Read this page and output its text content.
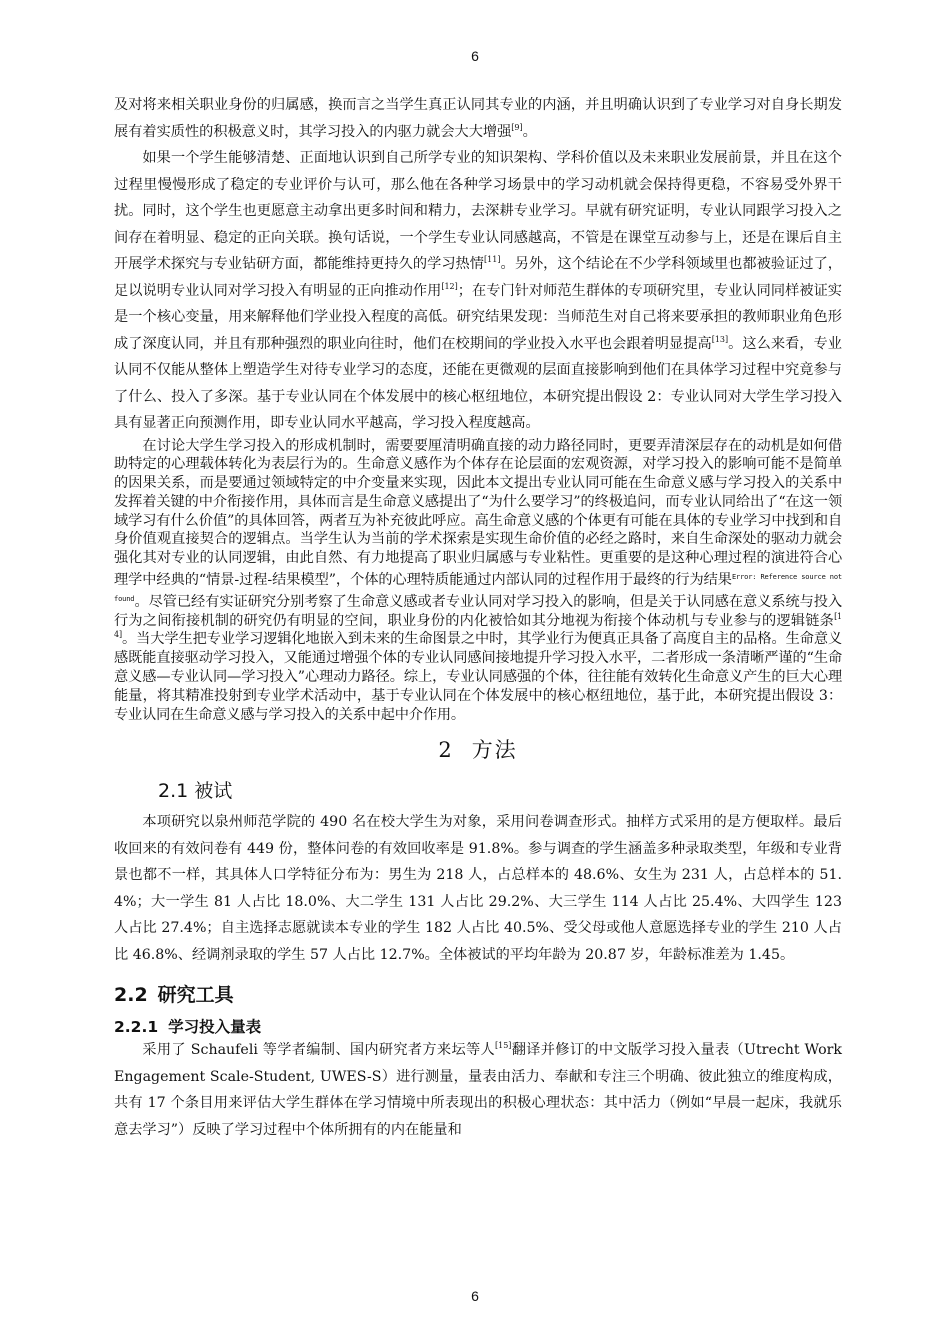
6

及对将来相关职业身份的归属感，换而言之当学生真正认同其专业的内涵，并且明确认识到了专业学习对自身长期发展有着实质性的积极意义时，其学习投入的内驱力就会大大增强[9]。

如果一个学生能够清楚、正面地认识到自己所学专业的知识架构、学科价值以及未来职业发展前景，并且在这个过程里慢慢形成了稳定的专业评价与认可，那么他在各种学习场景中的学习动机就会保持得更稳，不容易受外界干扰。同时，这个学生也更愿意主动拿出更多时间和精力，去深耕专业学习。早就有研究证明，专业认同跟学习投入之间存在着明显、稳定的正向关联。换句话说，一个学生专业认同感越高，不管是在课堂互动参与上，还是在课后自主开展学术探究与专业钻研方面，都能维持更持久的学习热情[11]。另外，这个结论在不少学科领域里也都被验证过了，足以说明专业认同对学习投入有明显的正向推动作用[12]；在专门针对师范生群体的专项研究里，专业认同同样被证实是一个核心变量，用来解释他们学业投入程度的高低。研究结果发现：当师范生对自己将来要承担的教师职业角色形成了深度认同，并且有那种强烈的职业向往时，他们在校期间的学业投入水平也会跟着明显提高[13]。这么来看，专业认同不仅能从整体上塑造学生对待专业学习的态度，还能在更微观的层面直接影响到他们在具体学习过程中究竟参与了什么、投入了多深。基于专业认同在个体发展中的核心枢纽地位，本研究提出假设 2：专业认同对大学生学习投入具有显著正向预测作用，即专业认同水平越高，学习投入程度越高。

在讨论大学生学习投入的形成机制时，需要要厘清明确直接的动力路径同时，更要弄清深层存在的动机是如何借助特定的心理载体转化为表层行为的。生命意义感作为个体存在论层面的宏观资源，对学习投入的影响可能不是简单的因果关系，而是要通过领域特定的中介变量来实现，因此本文提出专业认同可能在生命意义感与学习投入的关系中发挥着关键的中介衔接作用，具体而言是生命意义感提出了“为什么要学习”的终极追问，而专业认同给出了“在这一领域学习有什么价值”的具体回答，两者互为补充彼此呼应。高生命意义感的个体更有可能在具体的专业学习中找到和自身价值观直接契合的逻辑点。当学生认为当前的学术探索是实现生命价值的必经之路时，来自生命深处的驱动力就会强化其对专业的认同逻辑，由此自然、有力地提高了职业归属感与专业粘性。更重要的是这种心理过程的演进符合心理学中经典的“情景-过程-结果模型”，个体的心理特质能通过内部认同的过程作用于最终的行为结果$^{Error: Reference source not found}$。尽管已经有实证研究分别考察了生命意义感或者专业认同对学习投入的影响，但是关于认同感在意义系统与投入行为之间衔接机制的研究仍有明显的空间，职业身份的内化被恰如其分地视为衔接个体动机与专业参与的逻辑链条[14]。当大学生把专业学习逻辑化地嵌入到未来的生命图景之中时，其学业行为便真正具备了高度自主的品格。生命意义感既能直接驱动学习投入，又能通过增强个体的专业认同感间接地提升学习投入水平，二者形成一条清晰严谨的“生命意义感—专业认同—学习投入”心理动力路径。综上，专业认同感强的个体，往往能有效转化生命意义产生的巨大心理能量，将其精准投射到专业学术活动中，基于专业认同在个体发展中的核心枢纽地位，基于此，本研究提出假设 3：专业认同在生命意义感与学习投入的关系中起中介作用。

2 方法
2.1 被试

本项研究以泉州师范学院的 490 名在校大学生为对象，采用问卷调查形式。抽样方式采用的是方便取样。最后收回来的有效问卷有 449 份，整体问卷的有效回收率是 91.8%。参与调查的学生涵盖多种录取类型，年级和专业背景也都不一样，其具体人口学特征分布为：男生为 218 人，占总样本的 48.6%、女生为 231 人，占总样本的 51.4%；大一学生 81 人占比 18.0%、大二学生 131 人占比 29.2%、大三学生 114 人占比 25.4%、大四学生 123 人占比 27.4%；自主选择志愿就读本专业的学生 182 人占比 40.5%、受父母或他人意愿选择专业的学生 210 人占比 46.8%、经调剂录取的学生 57 人占比 12.7%。全体被试的平均年龄为 20.87 岁，年龄标准差为 1.45。

2.2 研究工具
2.2.1 学习投入量表

采用了 Schaufeli 等学者编制、国内研究者方来坛等人[15]翻译并修订的中文版学习投入量表（Utrecht Work Engagement Scale-Student, UWES-S）进行测量，量表由活力、奉献和专注三个明确、彼此独立的维度构成，共有 17 个条目用来评估大学生群体在学习情境中所表现出的积极心理状态：其中活力（例如“早晨一起床，我就乐意去学习”）反映了学习过程中个体所拥有的内在能量和

6
